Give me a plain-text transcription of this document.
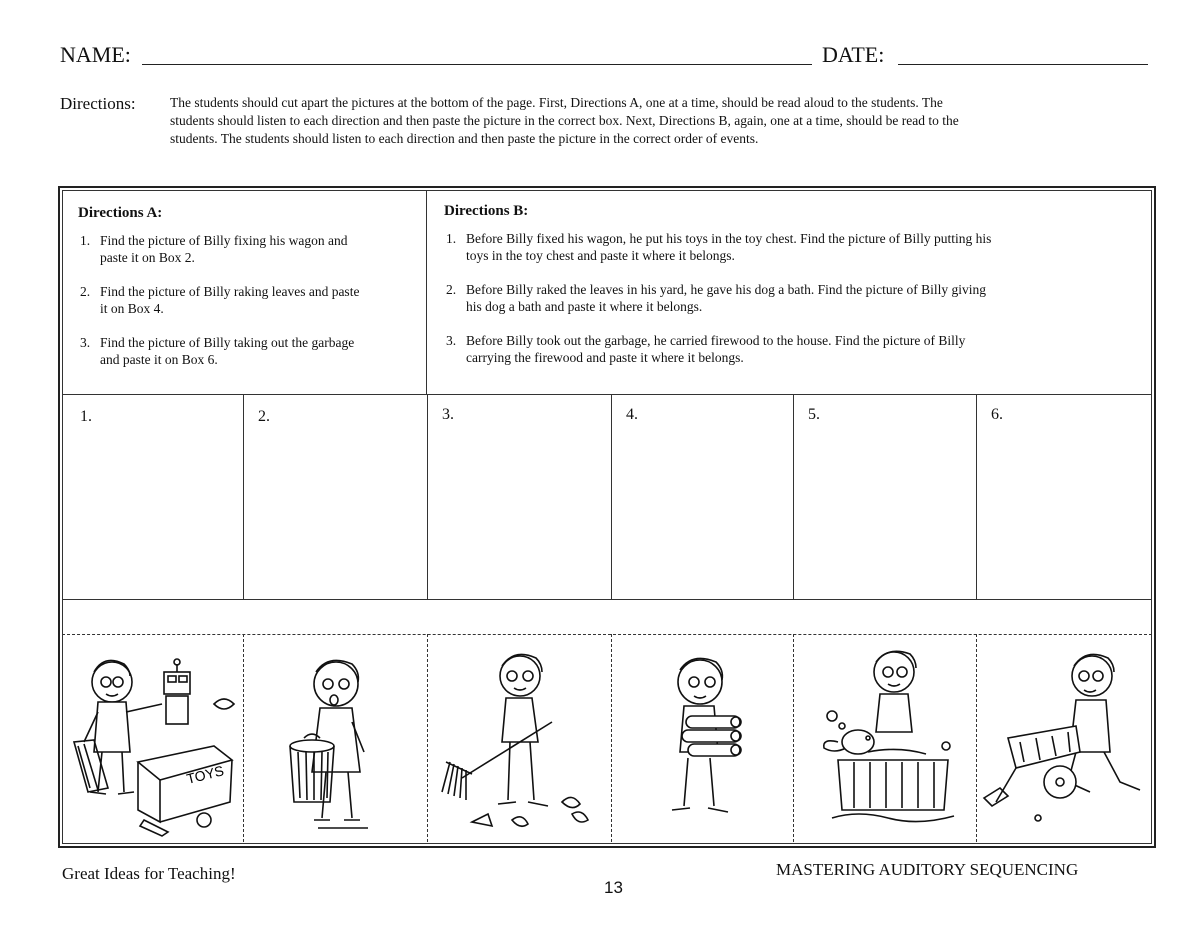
NAME:	DATE:
Directions:	The students should cut apart the pictures at the bottom of the page. First, Directions A, one at a time, should be read aloud to the students. The
students should listen to each direction and then paste the picture in the correct box. Next, Directions B, again, one at a time, should be read to the
students. The students should listen to each direction and then paste the picture in the correct order of events.
Directions A:
1. Find the picture of Billy fixing his wagon and
paste it on Box 2.
2. Find the picture of Billy raking leaves and paste
it on Box 4.
3. Find the picture of Billy taking out the garbage
and paste it on Box 6.
Directions B:
1. Before Billy fixed his wagon, he put his toys in the toy chest. Find the picture of Billy putting his
toys in the toy chest and paste it where it belongs.
2. Before Billy raked the leaves in his yard, he gave his dog a bath. Find the picture of Billy giving
his dog a bath and paste it where it belongs.
3. Before Billy took out the garbage, he carried firewood to the house. Find the picture of Billy
carrying the firewood and paste it where it belongs.
1.	2.	3.	4.	5.	6.
TOYS
Great Ideas for Teaching!
13
MASTERING AUDITORY SEQUENCING
